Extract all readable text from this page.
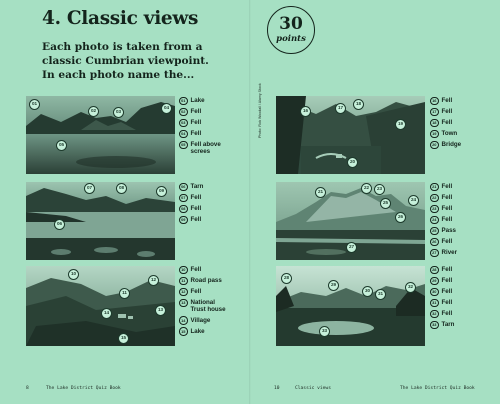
4. Classic views
Each photo is taken from a
classic Cumbrian viewpoint.
In each photo name the...
30
points
01
02	03
04
05
06
07	08
09
10
11
12
13
14
15
16
17
18
19
20
21
22	23
24
25
26
27
28
29
30
31
32
33
01 Lake
02 Fell
03 Fell
04 Fell
05 Fell above screes
06 Tarn
07 Fell
08 Fell
09 Fell
10 Fell
11 Road pass
12 Fell
13 National Trust house
14 Village
15 Lake
16 Fell
17 Fell
18 Fell
19 Town
20 Bridge
21 Fell
22 Fell
23 Fell
24 Fell
25 Pass
26 Fell
27 River
28 Fell
29 Fell
30 Fell
31 Fell
32 Fell
33 Tarn
Photo: Rob Woodall / Alamy Stock
8	The Lake District Quiz Book	10	Classic views	The Lake District Quiz Book
